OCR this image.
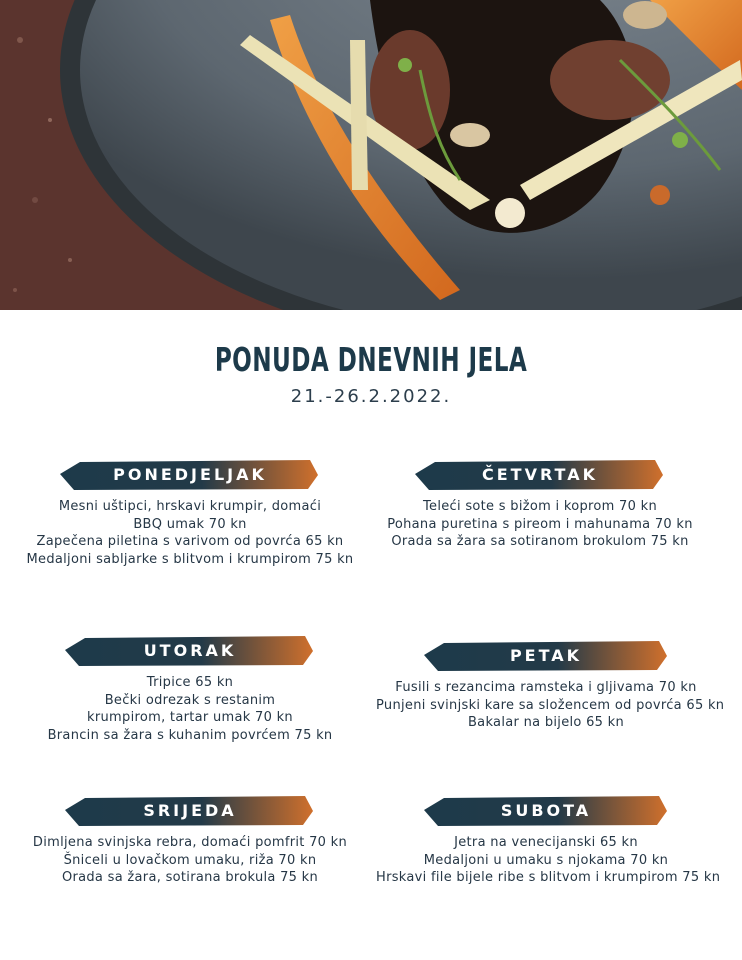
PONUDA DNEVNIH JELA
21.-26.2.2022.
PONEDJELJAK
Mesni uštipci, hrskavi krumpir, domaći
BBQ umak 70 kn
Zapečena piletina s varivom od povrća 65 kn
Medaljoni sabljarke s blitvom i krumpirom 75 kn
ČETVRTAK
Teleći sote s bižom i koprom 70 kn
Pohana puretina s pireom i mahunama 70 kn
Orada sa žara sa sotiranom brokulom 75 kn
UTORAK
Tripice 65 kn
Bečki odrezak s restanim
krumpirom, tartar umak 70 kn
Brancin sa žara s kuhanim povrćem 75 kn
PETAK
Fusili s rezancima ramsteka i gljivama 70 kn
Punjeni svinjski kare sa složencem od povrća 65 kn
Bakalar na bijelo 65 kn
SRIJEDA
Dimljena svinjska rebra, domaći pomfrit 70 kn
Šniceli u lovačkom umaku, riža 70 kn
Orada sa žara, sotirana brokula 75 kn
SUBOTA
Jetra na venecijanski 65 kn
Medaljoni u umaku s njokama 70 kn
Hrskavi file bijele ribe s blitvom i krumpirom 75 kn
